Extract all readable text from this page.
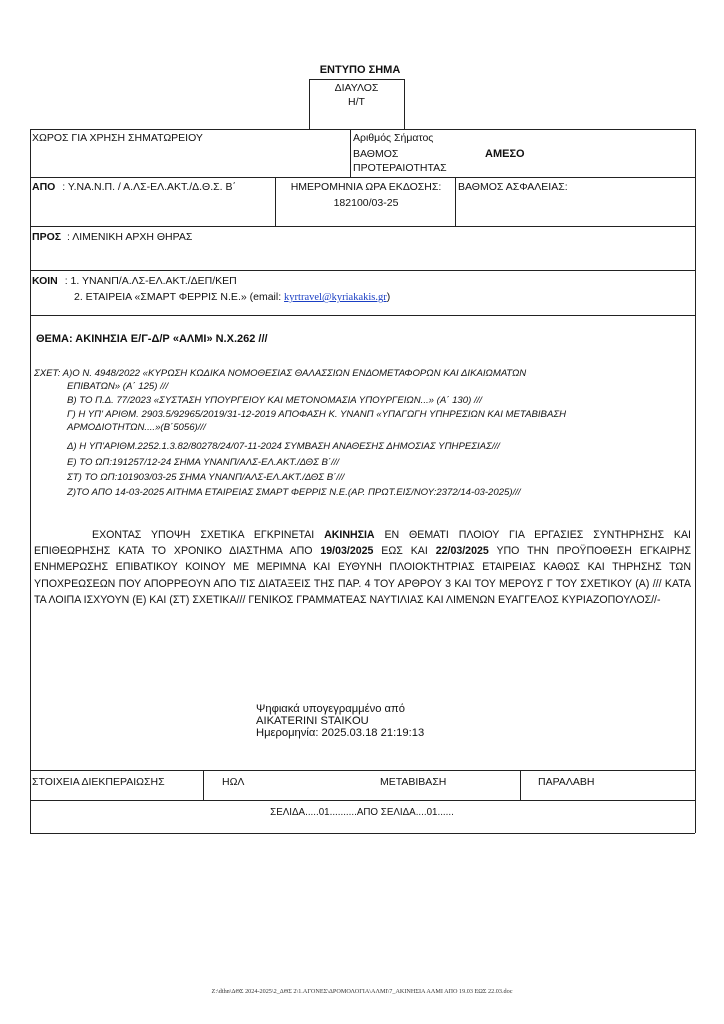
ΕΝΤΥΠΟ ΣΗΜΑ
ΔΙΑΥΛΟΣ
Η/Τ
ΧΩΡΟΣ ΓΙΑ ΧΡΗΣΗ ΣΗΜΑΤΩΡΕΙΟΥ	Αριθμός Σήματος
ΒΑΘΜΟΣ
ΠΡΟΤΕΡΑΙΟΤΗΤΑΣ
ΑΜΕΣΟ
ΑΠΟ : Υ.ΝΑ.Ν.Π. / Α.ΛΣ-ΕΛ.ΑΚΤ./Δ.Θ.Σ. Β΄	ΗΜΕΡΟΜΗΝΙΑ ΩΡΑ ΕΚΔΟΣΗΣ:
182100/03-25
ΒΑΘΜΟΣ ΑΣΦΑΛΕΙΑΣ:
ΠΡΟΣ : ΛΙΜΕΝΙΚΗ ΑΡΧΗ ΘΗΡΑΣ
ΚΟΙΝ : 1. ΥΝΑΝΠ/Α.ΛΣ-ΕΛ.ΑΚΤ./ΔΕΠ/ΚΕΠ
2. ΕΤΑΙΡΕΙΑ «ΣΜΑΡΤ ΦΕΡΡΙΣ Ν.Ε.» (email: kyrtravel@kyriakakis.gr)
ΘΕΜΑ: ΑΚΙΝΗΣΙΑ Ε/Γ-Δ/Ρ «ΑΛΜΙ» Ν.Χ.262 ///
ΣΧΕΤ: Α)Ο Ν. 4948/2022 «ΚΥΡΩΣΗ ΚΩΔΙΚΑ ΝΟΜΟΘΕΣΙΑΣ ΘΑΛΑΣΣΙΩΝ ΕΝΔΟΜΕΤΑΦΟΡΩΝ ΚΑΙ ΔΙΚΑΙΩΜΑΤΩΝ
ΕΠΙΒΑΤΩΝ» (Α΄ 125) ///
Β) ΤΟ Π.Δ. 77/2023 «ΣΥΣΤΑΣΗ ΥΠΟΥΡΓΕΙΟΥ ΚΑΙ ΜΕΤΟΝΟΜΑΣΙΑ ΥΠΟΥΡΓΕΙΩΝ...» (Α΄ 130) ///
Γ) Η ΥΠ' ΑΡΙΘΜ. 2903.5/92965/2019/31-12-2019 ΑΠΟΦΑΣΗ Κ. ΥΝΑΝΠ «ΥΠΑΓΩΓΗ ΥΠΗΡΕΣΙΩΝ ΚΑΙ ΜΕΤΑΒΙΒΑΣΗ
ΑΡΜΟΔΙΟΤΗΤΩΝ....»(Β΄5056)///
Δ) Η ΥΠ'ΑΡΙΘΜ.2252.1.3.82/80278/24/07-11-2024 ΣΥΜΒΑΣΗ ΑΝΑΘΕΣΗΣ ΔΗΜΟΣΙΑΣ ΥΠΗΡΕΣΙΑΣ///
Ε) ΤΟ ΩΠ:191257/12-24 ΣΗΜΑ ΥΝΑΝΠ/ΑΛΣ-ΕΛ.ΑΚΤ./ΔΘΣ Β΄///
ΣΤ) ΤΟ ΩΠ:101903/03-25 ΣΗΜΑ ΥΝΑΝΠ/ΑΛΣ-ΕΛ.ΑΚΤ./ΔΘΣ Β΄///
Ζ)ΤΟ ΑΠΟ 14-03-2025 ΑΙΤΗΜΑ ΕΤΑΙΡΕΙΑΣ ΣΜΑΡΤ ΦΕΡΡΙΣ Ν.Ε.(ΑΡ. ΠΡΩΤ.ΕΙΣ/ΝΟΥ:2372/14-03-2025)///

ΕΧΟΝΤΑΣ ΥΠΟΨΗ ΣΧΕΤΙΚΑ ΕΓΚΡΙΝΕΤΑΙ ΑΚΙΝΗΣΙΑ ΕΝ ΘΕΜΑΤΙ ΠΛΟΙΟΥ ΓΙΑ ΕΡΓΑΣΙΕΣ ΣΥΝΤΗΡΗΣΗΣ ΚΑΙ ΕΠΙΘΕΩΡΗΣΗΣ ΚΑΤΑ ΤΟ ΧΡΟΝΙΚΟ ΔΙΑΣΤΗΜΑ ΑΠΟ 19/03/2025 ΕΩΣ ΚΑΙ 22/03/2025 ΥΠΟ ΤΗΝ ΠΡΟΫΠΟΘΕΣΗ ΕΓΚΑΙΡΗΣ ΕΝΗΜΕΡΩΣΗΣ ΕΠΙΒΑΤΙΚΟΥ ΚΟΙΝΟΥ ΜΕ ΜΕΡΙΜΝΑ ΚΑΙ ΕΥΘΥΝΗ ΠΛΟΙΟΚΤΗΤΡΙΑΣ ΕΤΑΙΡΕΙΑΣ ΚΑΘΩΣ ΚΑΙ ΤΗΡΗΣΗΣ ΤΩΝ ΥΠΟΧΡΕΩΣΕΩΝ ΠΟΥ ΑΠΟΡΡΕΟΥΝ ΑΠΟ ΤΙΣ ΔΙΑΤΑΞΕΙΣ ΤΗΣ ΠΑΡ. 4 ΤΟΥ ΑΡΘΡΟΥ 3 ΚΑΙ ΤΟΥ ΜΕΡΟΥΣ Γ ΤΟΥ ΣΧΕΤΙΚΟΥ (Α) /// ΚΑΤΑ ΤΑ ΛΟΙΠΑ ΙΣΧΥΟΥΝ (Ε) ΚΑΙ (ΣΤ) ΣΧΕΤΙΚΑ/// ΓΕΝΙΚΟΣ ΓΡΑΜΜΑΤΕΑΣ ΝΑΥΤΙΛΙΑΣ ΚΑΙ ΛΙΜΕΝΩΝ ΕΥΑΓΓΕΛΟΣ ΚΥΡΙΑΖΟΠΟΥΛΟΣ//-

Ψηφιακά υπογεγραμμένο από
AIKATERINI STAIKOU
Ημερομηνία: 2025.03.18 21:19:13
ΣΤΟΙΧΕΙΑ ΔΙΕΚΠΕΡΑΙΩΣΗΣ	ΗΩΛ	ΜΕΤΑΒΙΒΑΣΗ	ΠΑΡΑΛΑΒΗ
ΣΕΛΙΔΑ.....01..........ΑΠΟ ΣΕΛΙΔΑ....01......
Z:\dthn\ΔΘΣ 2024-2025\2_ΔΘΣ 2\1.ΑΓΟΝΕΣ\ΔΡΟΜΟΛΟΓΙΑ\ΑΛΜΙ\7_ΑΚΙΝΗΣΙΑ ΑΛΜΙ ΑΠΟ 19.03 ΕΩΣ 22.03.doc
